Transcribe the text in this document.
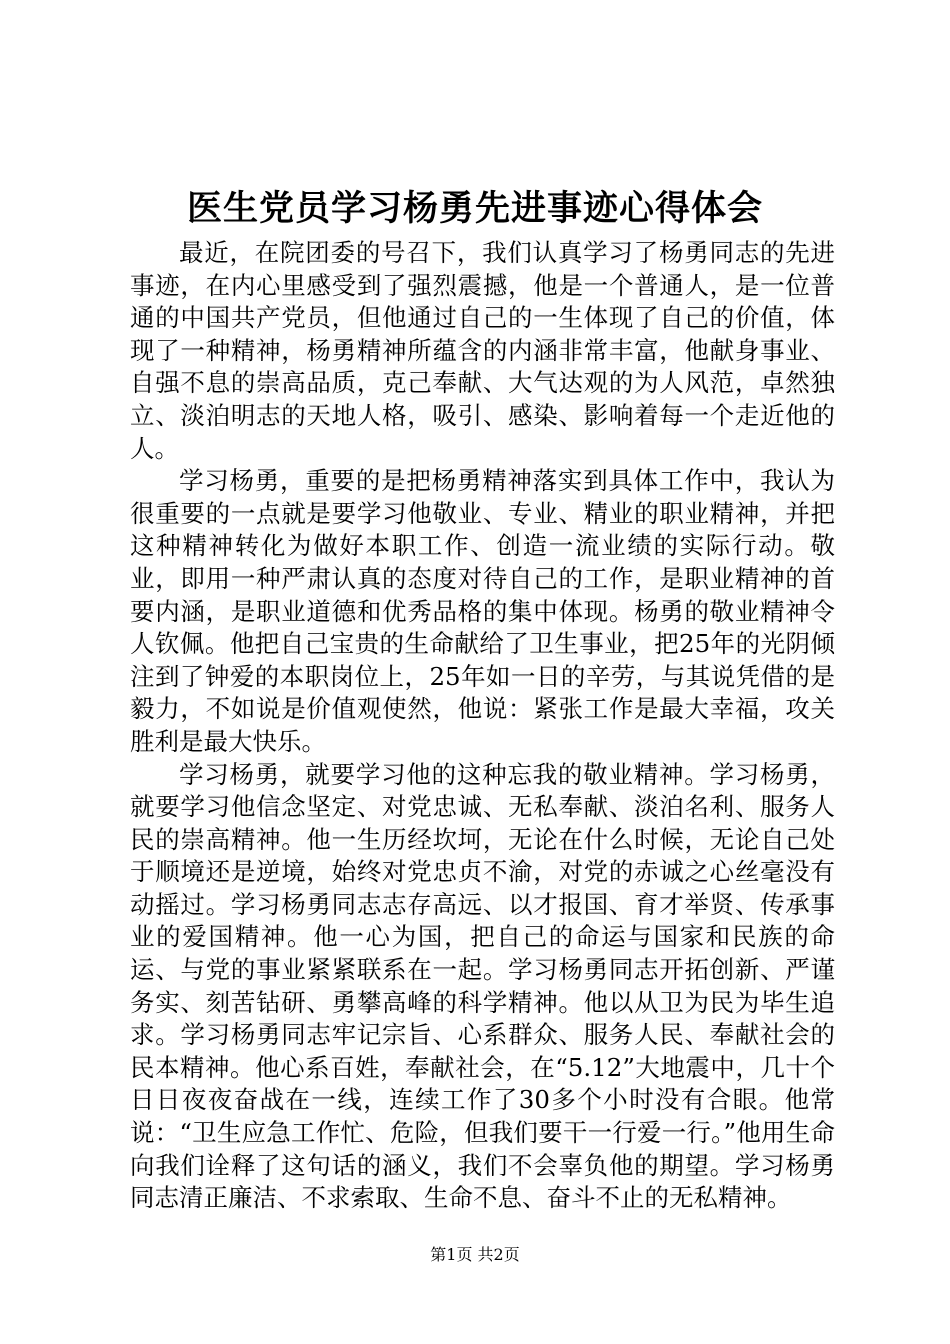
医生党员学习杨勇先进事迹心得体会

最近，在院团委的号召下，我们认真学习了杨勇同志的先进事迹，在内心里感受到了强烈震撼，他是一个普通人，是一位普通的中国共产党员，但他通过自己的一生体现了自己的价值，体现了一种精神，杨勇精神所蕴含的内涵非常丰富，他献身事业、自强不息的崇高品质，克己奉献、大气达观的为人风范，卓然独立、淡泊明志的天地人格，吸引、感染、影响着每一个走近他的人。

学习杨勇，重要的是把杨勇精神落实到具体工作中，我认为很重要的一点就是要学习他敬业、专业、精业的职业精神，并把这种精神转化为做好本职工作、创造一流业绩的实际行动。敬业，即用一种严肃认真的态度对待自己的工作，是职业精神的首要内涵，是职业道德和优秀品格的集中体现。杨勇的敬业精神令人钦佩。他把自己宝贵的生命献给了卫生事业，把25年的光阴倾注到了钟爱的本职岗位上，25年如一日的辛劳，与其说凭借的是毅力，不如说是价值观使然，他说：紧张工作是最大幸福，攻关胜利是最大快乐。

学习杨勇，就要学习他的这种忘我的敬业精神。学习杨勇，就要学习他信念坚定、对党忠诚、无私奉献、淡泊名利、服务人民的崇高精神。他一生历经坎坷，无论在什么时候，无论自己处于顺境还是逆境，始终对党忠贞不渝，对党的赤诚之心丝毫没有动摇过。学习杨勇同志志存高远、以才报国、育才举贤、传承事业的爱国精神。他一心为国，把自己的命运与国家和民族的命运、与党的事业紧紧联系在一起。学习杨勇同志开拓创新、严谨务实、刻苦钻研、勇攀高峰的科学精神。他以从卫为民为毕生追求。学习杨勇同志牢记宗旨、心系群众、服务人民、奉献社会的民本精神。他心系百姓，奉献社会，在“5.12”大地震中，几十个日日夜夜奋战在一线，连续工作了30多个小时没有合眼。他常说：“卫生应急工作忙、危险，但我们要干一行爱一行。”他用生命向我们诠释了这句话的涵义，我们不会辜负他的期望。学习杨勇同志清正廉洁、不求索取、生命不息、奋斗不止的无私精神。

第1页 共2页
